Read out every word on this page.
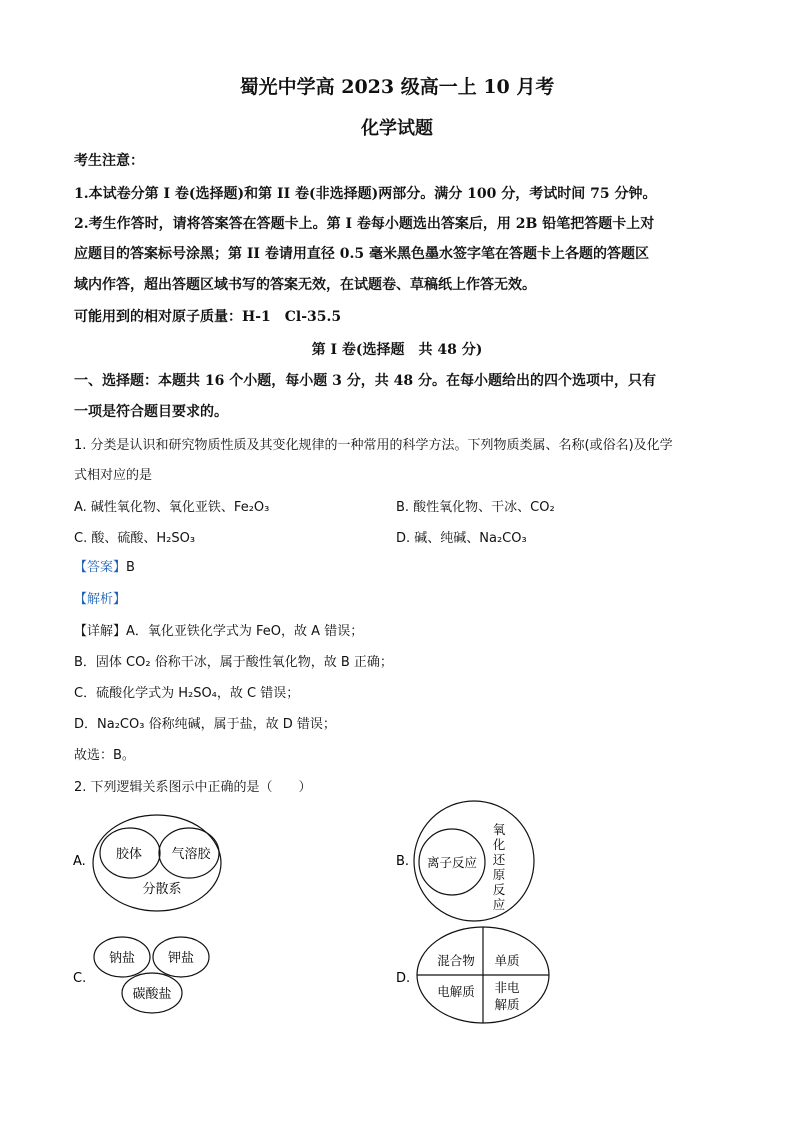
蜀光中学高 2023 级高一上 10 月考
化学试题
考生注意：
1.本试卷分第 I 卷(选择题)和第 II 卷(非选择题)两部分。满分 100 分，考试时间 75 分钟。
2.考生作答时，请将答案答在答题卡上。第 I 卷每小题选出答案后，用 2B 铅笔把答题卡上对
应题目的答案标号涂黑；第 II 卷请用直径 0.5 毫米黑色墨水签字笔在答题卡上各题的答题区
域内作答，超出答题区域书写的答案无效，在试题卷、草稿纸上作答无效。
可能用到的相对原子质量：H-1　Cl-35.5
第 I 卷(选择题　共 48 分)
一、选择题：本题共 16 个小题，每小题 3 分，共 48 分。在每小题给出的四个选项中，只有
一项是符合题目要求的。
1. 分类是认识和研究物质性质及其变化规律的一种常用的科学方法。下列物质类属、名称(或俗名)及化学
式相对应的是
A. 碱性氧化物、氧化亚铁、Fe₂O₃	B. 酸性氧化物、干冰、CO₂
C. 酸、硫酸、H₂SO₃	D. 碱、纯碱、Na₂CO₃
【答案】B
【解析】
【详解】A．氧化亚铁化学式为 FeO，故 A 错误；
B．固体 CO₂ 俗称干冰，属于酸性氧化物，故 B 正确；
C．硫酸化学式为 H₂SO₄，故 C 错误；
D．Na₂CO₃ 俗称纯碱，属于盐，故 D 错误；
故选：B。
2. 下列逻辑关系图示中正确的是（　　）
A. 胶体 气溶胶
分散系
B. 离子反应
氧
化
还
原
反
应
C.
钠盐	钾盐
碳酸盐
D.
混合物 单质
电解质 非电
解质
